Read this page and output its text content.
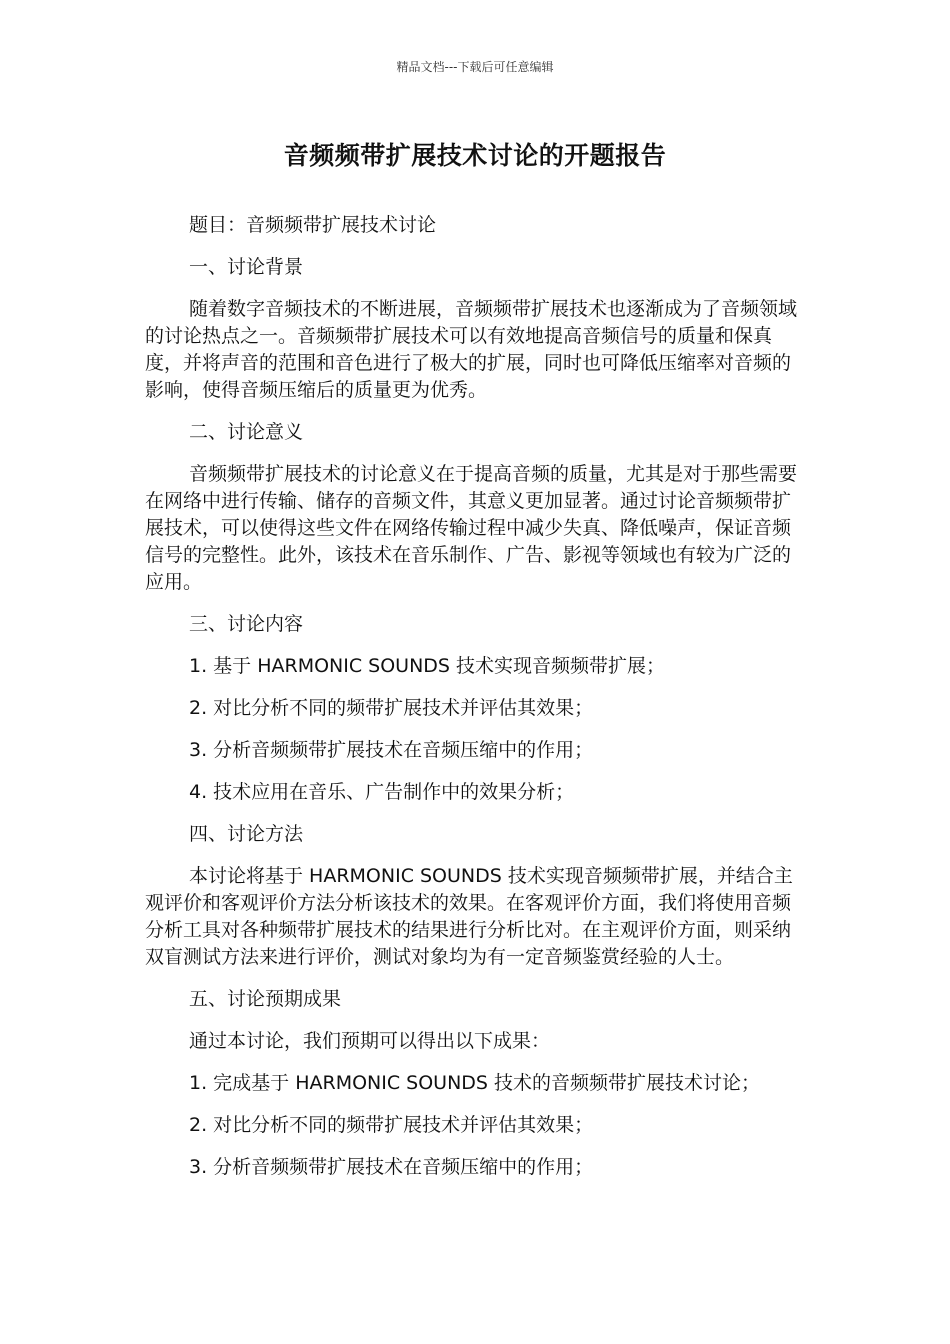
精品文档---下载后可任意编辑
音频频带扩展技术讨论的开题报告

题目：音频频带扩展技术讨论

一、讨论背景

随着数字音频技术的不断进展，音频频带扩展技术也逐渐成为了音频领域的讨论热点之一。音频频带扩展技术可以有效地提高音频信号的质量和保真度，并将声音的范围和音色进行了极大的扩展，同时也可降低压缩率对音频的影响，使得音频压缩后的质量更为优秀。

二、讨论意义

音频频带扩展技术的讨论意义在于提高音频的质量，尤其是对于那些需要在网络中进行传输、储存的音频文件，其意义更加显著。通过讨论音频频带扩展技术，可以使得这些文件在网络传输过程中减少失真、降低噪声，保证音频信号的完整性。此外，该技术在音乐制作、广告、影视等领域也有较为广泛的应用。

三、讨论内容

1. 基于 HARMONIC SOUNDS 技术实现音频频带扩展；

2. 对比分析不同的频带扩展技术并评估其效果；

3. 分析音频频带扩展技术在音频压缩中的作用；

4. 技术应用在音乐、广告制作中的效果分析；

四、讨论方法

本讨论将基于 HARMONIC SOUNDS 技术实现音频频带扩展，并结合主观评价和客观评价方法分析该技术的效果。在客观评价方面，我们将使用音频分析工具对各种频带扩展技术的结果进行分析比对。在主观评价方面，则采纳双盲测试方法来进行评价，测试对象均为有一定音频鉴赏经验的人士。

五、讨论预期成果

通过本讨论，我们预期可以得出以下成果：

1. 完成基于 HARMONIC SOUNDS 技术的音频频带扩展技术讨论；

2. 对比分析不同的频带扩展技术并评估其效果；

3. 分析音频频带扩展技术在音频压缩中的作用；
